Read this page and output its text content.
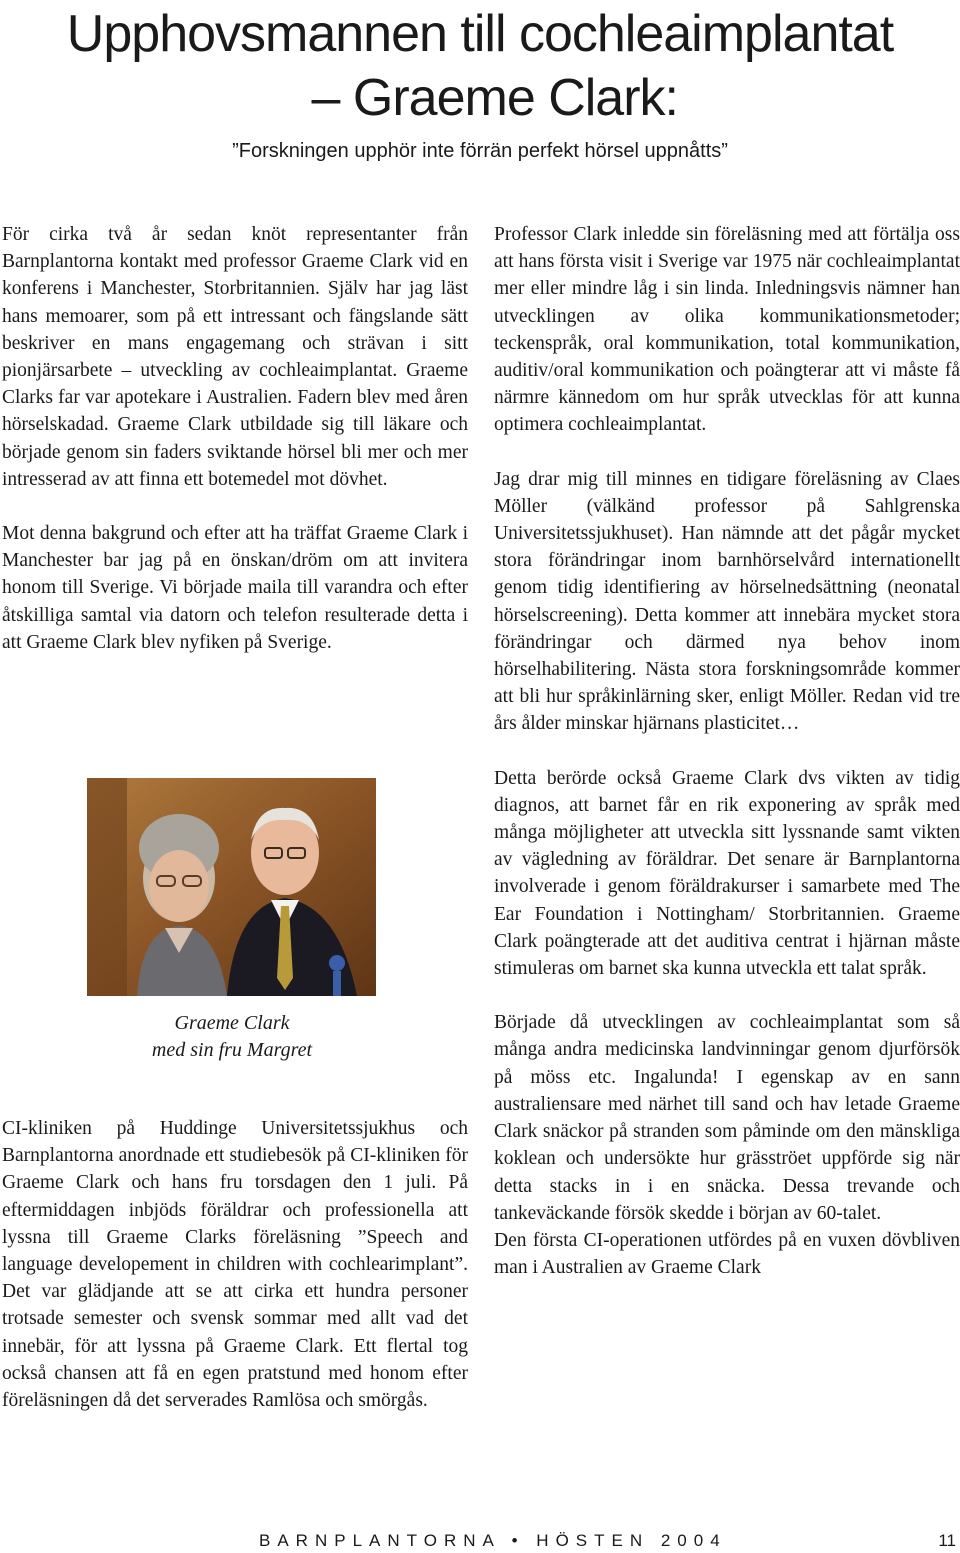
Upphovsmannen till cochleaimplantat
– Graeme Clark:
”Forskningen upphör inte förrän perfekt hörsel uppnåtts”

För cirka två år sedan knöt representanter från Barnplantorna kontakt med professor Graeme Clark vid en konferens i Manchester, Storbritannien. Själv har jag läst hans memoarer, som på ett intressant och fängslande sätt beskriver en mans engagemang och strävan i sitt pionjärsarbete – utveckling av cochleaimplantat. Graeme Clarks far var apotekare i Australien. Fadern blev med åren hörselskadad. Graeme Clark utbildade sig till läkare och började genom sin faders sviktande hörsel bli mer och mer intresserad av att finna ett botemedel mot dövhet.

Mot denna bakgrund och efter att ha träffat Graeme Clark i Manchester bar jag på en önskan/dröm om att invitera honom till Sverige. Vi började maila till varandra och efter åtskilliga samtal via datorn och telefon resulterade detta i att Graeme Clark blev nyfiken på Sverige.

Graeme Clark
med sin fru Margret

CI-kliniken på Huddinge Universitetssjukhus och Barnplantorna anordnade ett studiebesök på CI-kliniken för Graeme Clark och hans fru torsdagen den 1 juli. På eftermiddagen inbjöds föräldrar och professionella att lyssna till Graeme Clarks föreläsning ”Speech and language developement in children with cochlearimplant”. Det var glädjande att se att cirka ett hundra personer trotsade semester och svensk sommar med allt vad det innebär, för att lyssna på Graeme Clark. Ett flertal tog också chansen att få en egen pratstund med honom efter föreläsningen då det serverades Ramlösa och smörgås.

Professor Clark inledde sin föreläsning med att förtälja oss att hans första visit i Sverige var 1975 när cochleaimplantat mer eller mindre låg i sin linda. Inledningsvis nämner han utvecklingen av olika kommunikationsmetoder; teckenspråk, oral kommunikation, total kommunikation, auditiv/oral kommunikation och poängterar att vi måste få närmre kännedom om hur språk utvecklas för att kunna optimera cochleaimplantat.

Jag drar mig till minnes en tidigare föreläsning av Claes Möller (välkänd professor på Sahlgrenska Universitetssjukhuset). Han nämnde att det pågår mycket stora förändringar inom barnhörselvård internationellt genom tidig identifiering av hörselnedsättning (neonatal hörselscreening). Detta kommer att innebära mycket stora förändringar och därmed nya behov inom hörselhabilitering. Nästa stora forskningsområde kommer att bli hur språkinlärning sker, enligt Möller. Redan vid tre års ålder minskar hjärnans plasticitet…

Detta berörde också Graeme Clark dvs vikten av tidig diagnos, att barnet får en rik exponering av språk med många möjligheter att utveckla sitt lyssnande samt vikten av vägledning av föräldrar. Det senare är Barnplantorna involverade i genom föräldrakurser i samarbete med The Ear Foundation i Nottingham/ Storbritannien. Graeme Clark poängterade att det auditiva centrat i hjärnan måste stimuleras om barnet ska kunna utveckla ett talat språk.

Började då utvecklingen av cochleaimplantat som så många andra medicinska landvinningar genom djurförsök på möss etc. Ingalunda! I egenskap av en sann australiensare med närhet till sand och hav letade Graeme Clark snäckor på stranden som påminde om den mänskliga koklean och undersökte hur gräsströet uppförde sig när detta stacks in i en snäcka. Dessa trevande och tankeväckande försök skedde i början av 60-talet.
Den första CI-operationen utfördes på en vuxen dövbliven man i Australien av Graeme Clark

BARNPLANTORNA • HÖSTEN 2004	11
